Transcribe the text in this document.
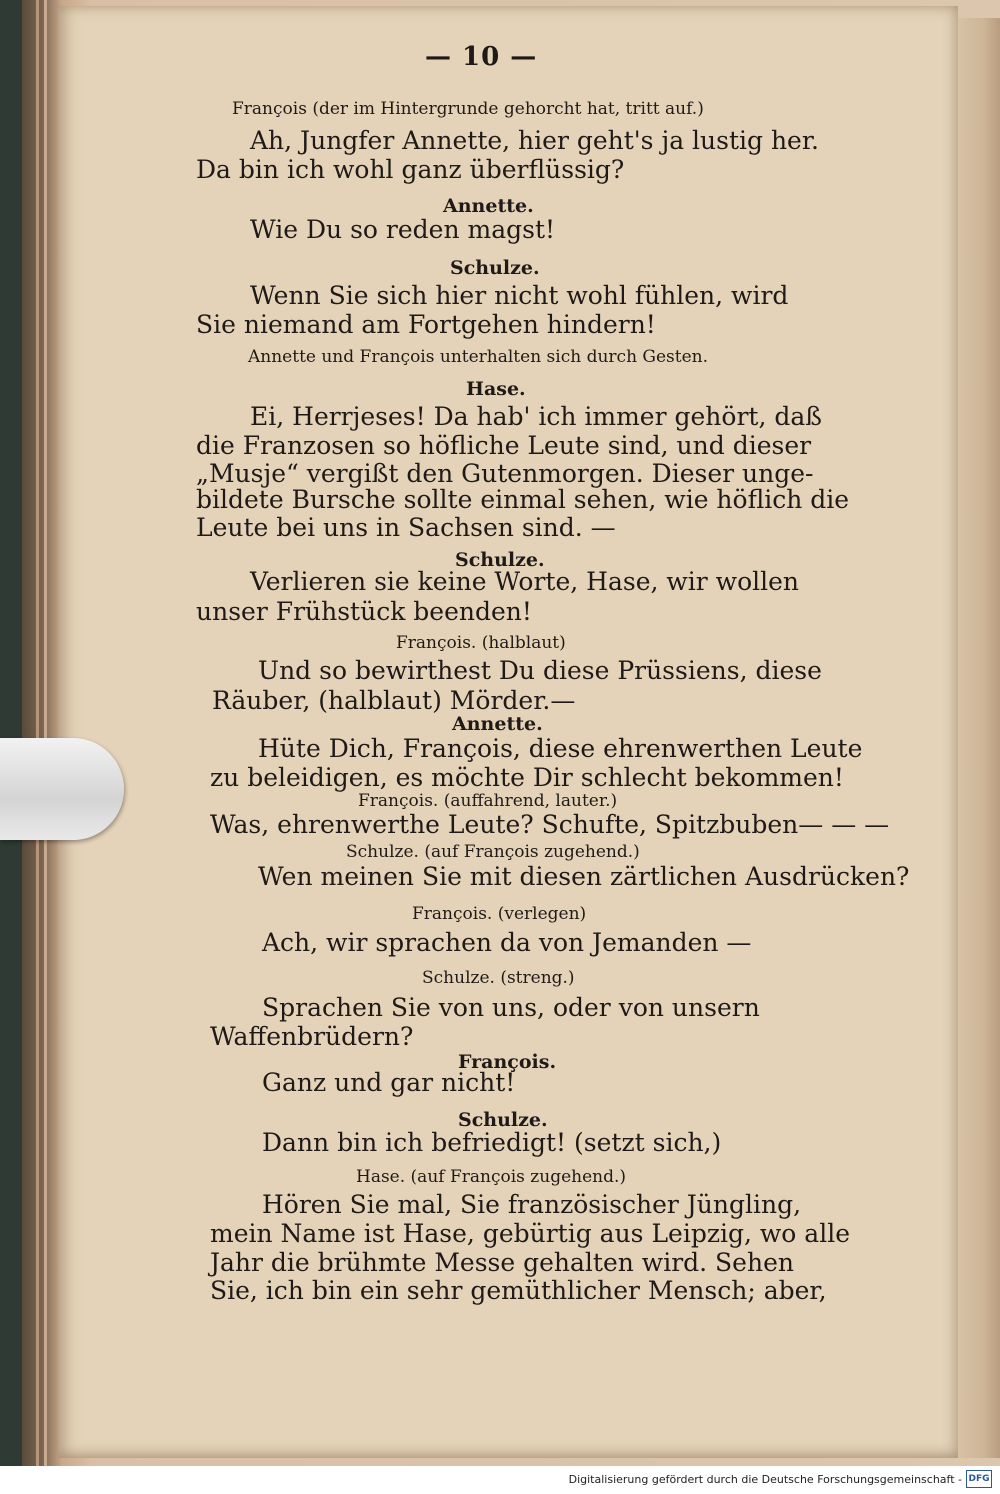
— 10 —
François (der im Hintergrunde gehorcht hat, tritt auf.)
Ah, Jungfer Annette, hier geht's ja lustig her.
Da bin ich wohl ganz überflüssig?
Annette.
Wie Du so reden magst!
Schulze.
Wenn Sie sich hier nicht wohl fühlen, wird
Sie niemand am Fortgehen hindern!
Annette und François unterhalten sich durch Gesten.
Hase.
Ei, Herrjeses! Da hab' ich immer gehört, daß
die Franzosen so höfliche Leute sind, und dieser
„Musje“ vergißt den Gutenmorgen. Dieser unge-
bildete Bursche sollte einmal sehen, wie höflich die
Leute bei uns in Sachsen sind. —
Schulze.
Verlieren sie keine Worte, Hase, wir wollen
unser Frühstück beenden!
François. (halblaut)
Und so bewirthest Du diese Prüssiens, diese
Räuber, (halblaut) Mörder.—
Annette.
Hüte Dich, François, diese ehrenwerthen Leute
zu beleidigen, es möchte Dir schlecht bekommen!
François. (auffahrend, lauter.)
Was, ehrenwerthe Leute? Schufte, Spitzbuben— — —
Schulze. (auf François zugehend.)
Wen meinen Sie mit diesen zärtlichen Ausdrücken?
François. (verlegen)
Ach, wir sprachen da von Jemanden —
Schulze. (streng.)
Sprachen Sie von uns, oder von unsern
Waffenbrüdern?
François.
Ganz und gar nicht!
Schulze.
Dann bin ich befriedigt! (setzt sich,)
Hase. (auf François zugehend.)
Hören Sie mal, Sie französischer Jüngling,
mein Name ist Hase, gebürtig aus Leipzig, wo alle
Jahr die brühmte Messe gehalten wird. Sehen
Sie, ich bin ein sehr gemüthlicher Mensch; aber,
Digitalisierung gefördert durch die Deutsche Forschungsgemeinschaft - DFG
